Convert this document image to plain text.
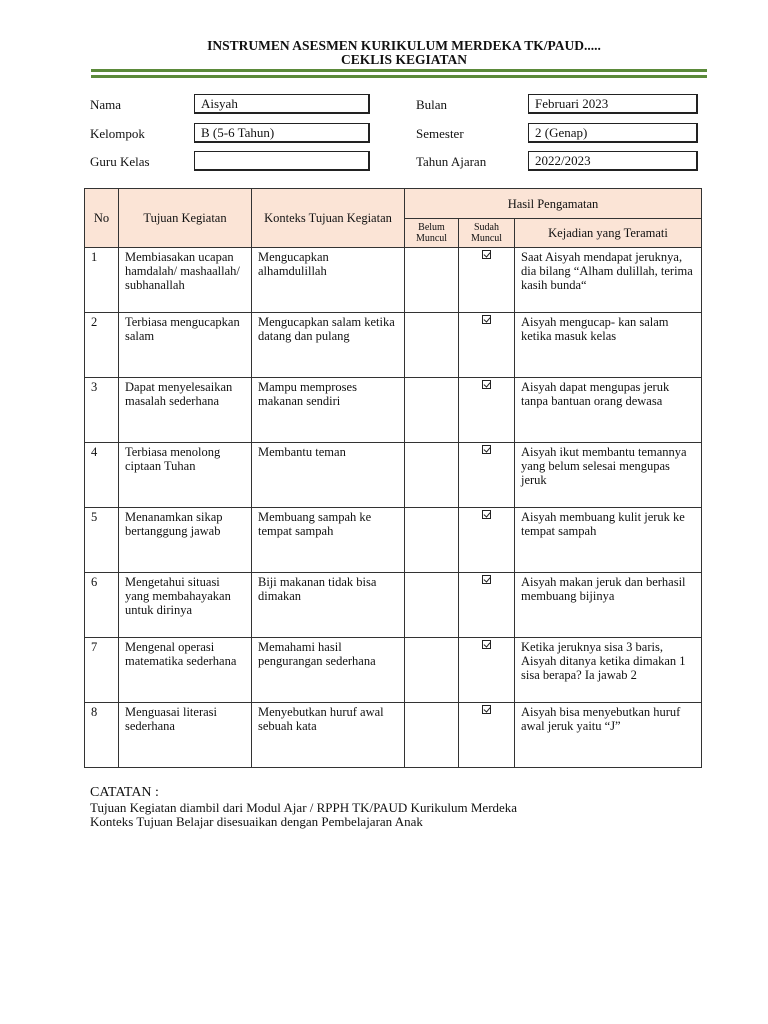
INSTRUMEN ASESMEN KURIKULUM MERDEKA TK/PAUD.....
CEKLIS KEGIATAN
Nama	Aisyah
Kelompok	B (5-6 Tahun)
Guru Kelas
Bulan	Februari 2023
Semester	2 (Genap)
Tahun Ajaran	2022/2023
No	Tujuan Kegiatan	Konteks Tujuan Kegiatan	Hasil Pengamatan		
			Belum Muncul	Sudah Muncul	Kejadian yang Teramati

1	Membiasakan ucapan hamdalah/ mashaallah/ subhanallah	Mengucapkan alhamdulillah			Saat Aisyah mendapat jeruknya, dia bilang “Alham dulillah, terima kasih bunda“

2	Terbiasa mengucapkan salam	Mengucapkan salam ketika datang dan pulang			Aisyah mengucap- kan salam ketika masuk kelas

3	Dapat menyelesaikan masalah sederhana	Mampu memproses makanan sendiri			Aisyah dapat mengupas jeruk tanpa bantuan orang dewasa

4	Terbiasa menolong ciptaan Tuhan	Membantu teman			Aisyah ikut membantu temannya yang belum selesai mengupas jeruk

5	Menanamkan sikap bertanggung jawab	Membuang sampah ke tempat sampah			Aisyah membuang kulit jeruk ke tempat sampah

6	Mengetahui situasi yang membahayakan untuk dirinya	Biji makanan tidak bisa dimakan			Aisyah makan jeruk dan berhasil membuang bijinya

7	Mengenal operasi matematika sederhana	Memahami hasil pengurangan sederhana			Ketika jeruknya sisa 3 baris, Aisyah ditanya ketika dimakan 1 sisa berapa? Ia jawab 2

8	Menguasai literasi sederhana	Menyebutkan huruf awal sebuah kata			Aisyah bisa menyebutkan huruf awal jeruk yaitu “J”
CATATAN :
Tujuan Kegiatan diambil dari Modul Ajar / RPPH TK/PAUD Kurikulum Merdeka
Konteks Tujuan Belajar disesuaikan dengan Pembelajaran Anak
